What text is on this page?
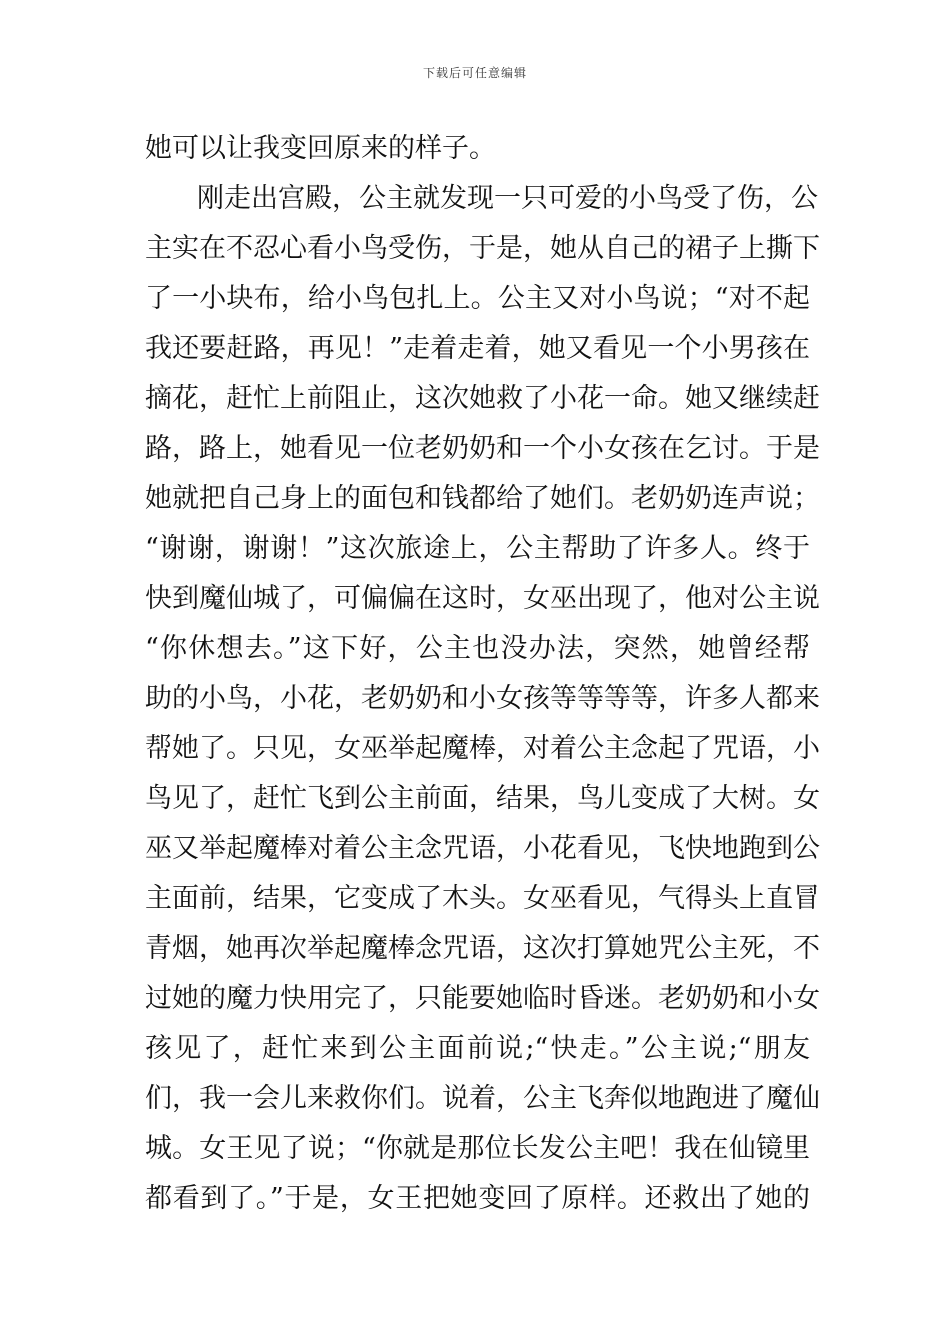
下载后可任意编辑
她可以让我变回原来的样子。
刚走出宫殿，公主就发现一只可爱的小鸟受了伤，公
主实在不忍心看小鸟受伤，于是，她从自己的裙子上撕下
了一小块布，给小鸟包扎上。公主又对小鸟说；“对不起
我还要赶路，再见！”走着走着，她又看见一个小男孩在
摘花，赶忙上前阻止，这次她救了小花一命。她又继续赶
路，路上，她看见一位老奶奶和一个小女孩在乞讨。于是
她就把自己身上的面包和钱都给了她们。老奶奶连声说；
“谢谢，谢谢！”这次旅途上，公主帮助了许多人。终于
快到魔仙城了，可偏偏在这时，女巫出现了，他对公主说
“你休想去。”这下好，公主也没办法，突然，她曾经帮
助的小鸟，小花，老奶奶和小女孩等等等等，许多人都来
帮她了。只见，女巫举起魔棒，对着公主念起了咒语，小
鸟见了，赶忙飞到公主前面，结果，鸟儿变成了大树。女
巫又举起魔棒对着公主念咒语，小花看见，飞快地跑到公
主面前，结果，它变成了木头。女巫看见，气得头上直冒
青烟，她再次举起魔棒念咒语，这次打算她咒公主死，不
过她的魔力快用完了，只能要她临时昏迷。老奶奶和小女
孩见了，赶忙来到公主面前说;“快走。”公主说;“朋友
们，我一会儿来救你们。说着，公主飞奔似地跑进了魔仙
城。女王见了说；“你就是那位长发公主吧！我在仙镜里
都看到了。”于是，女王把她变回了原样。还救出了她的
